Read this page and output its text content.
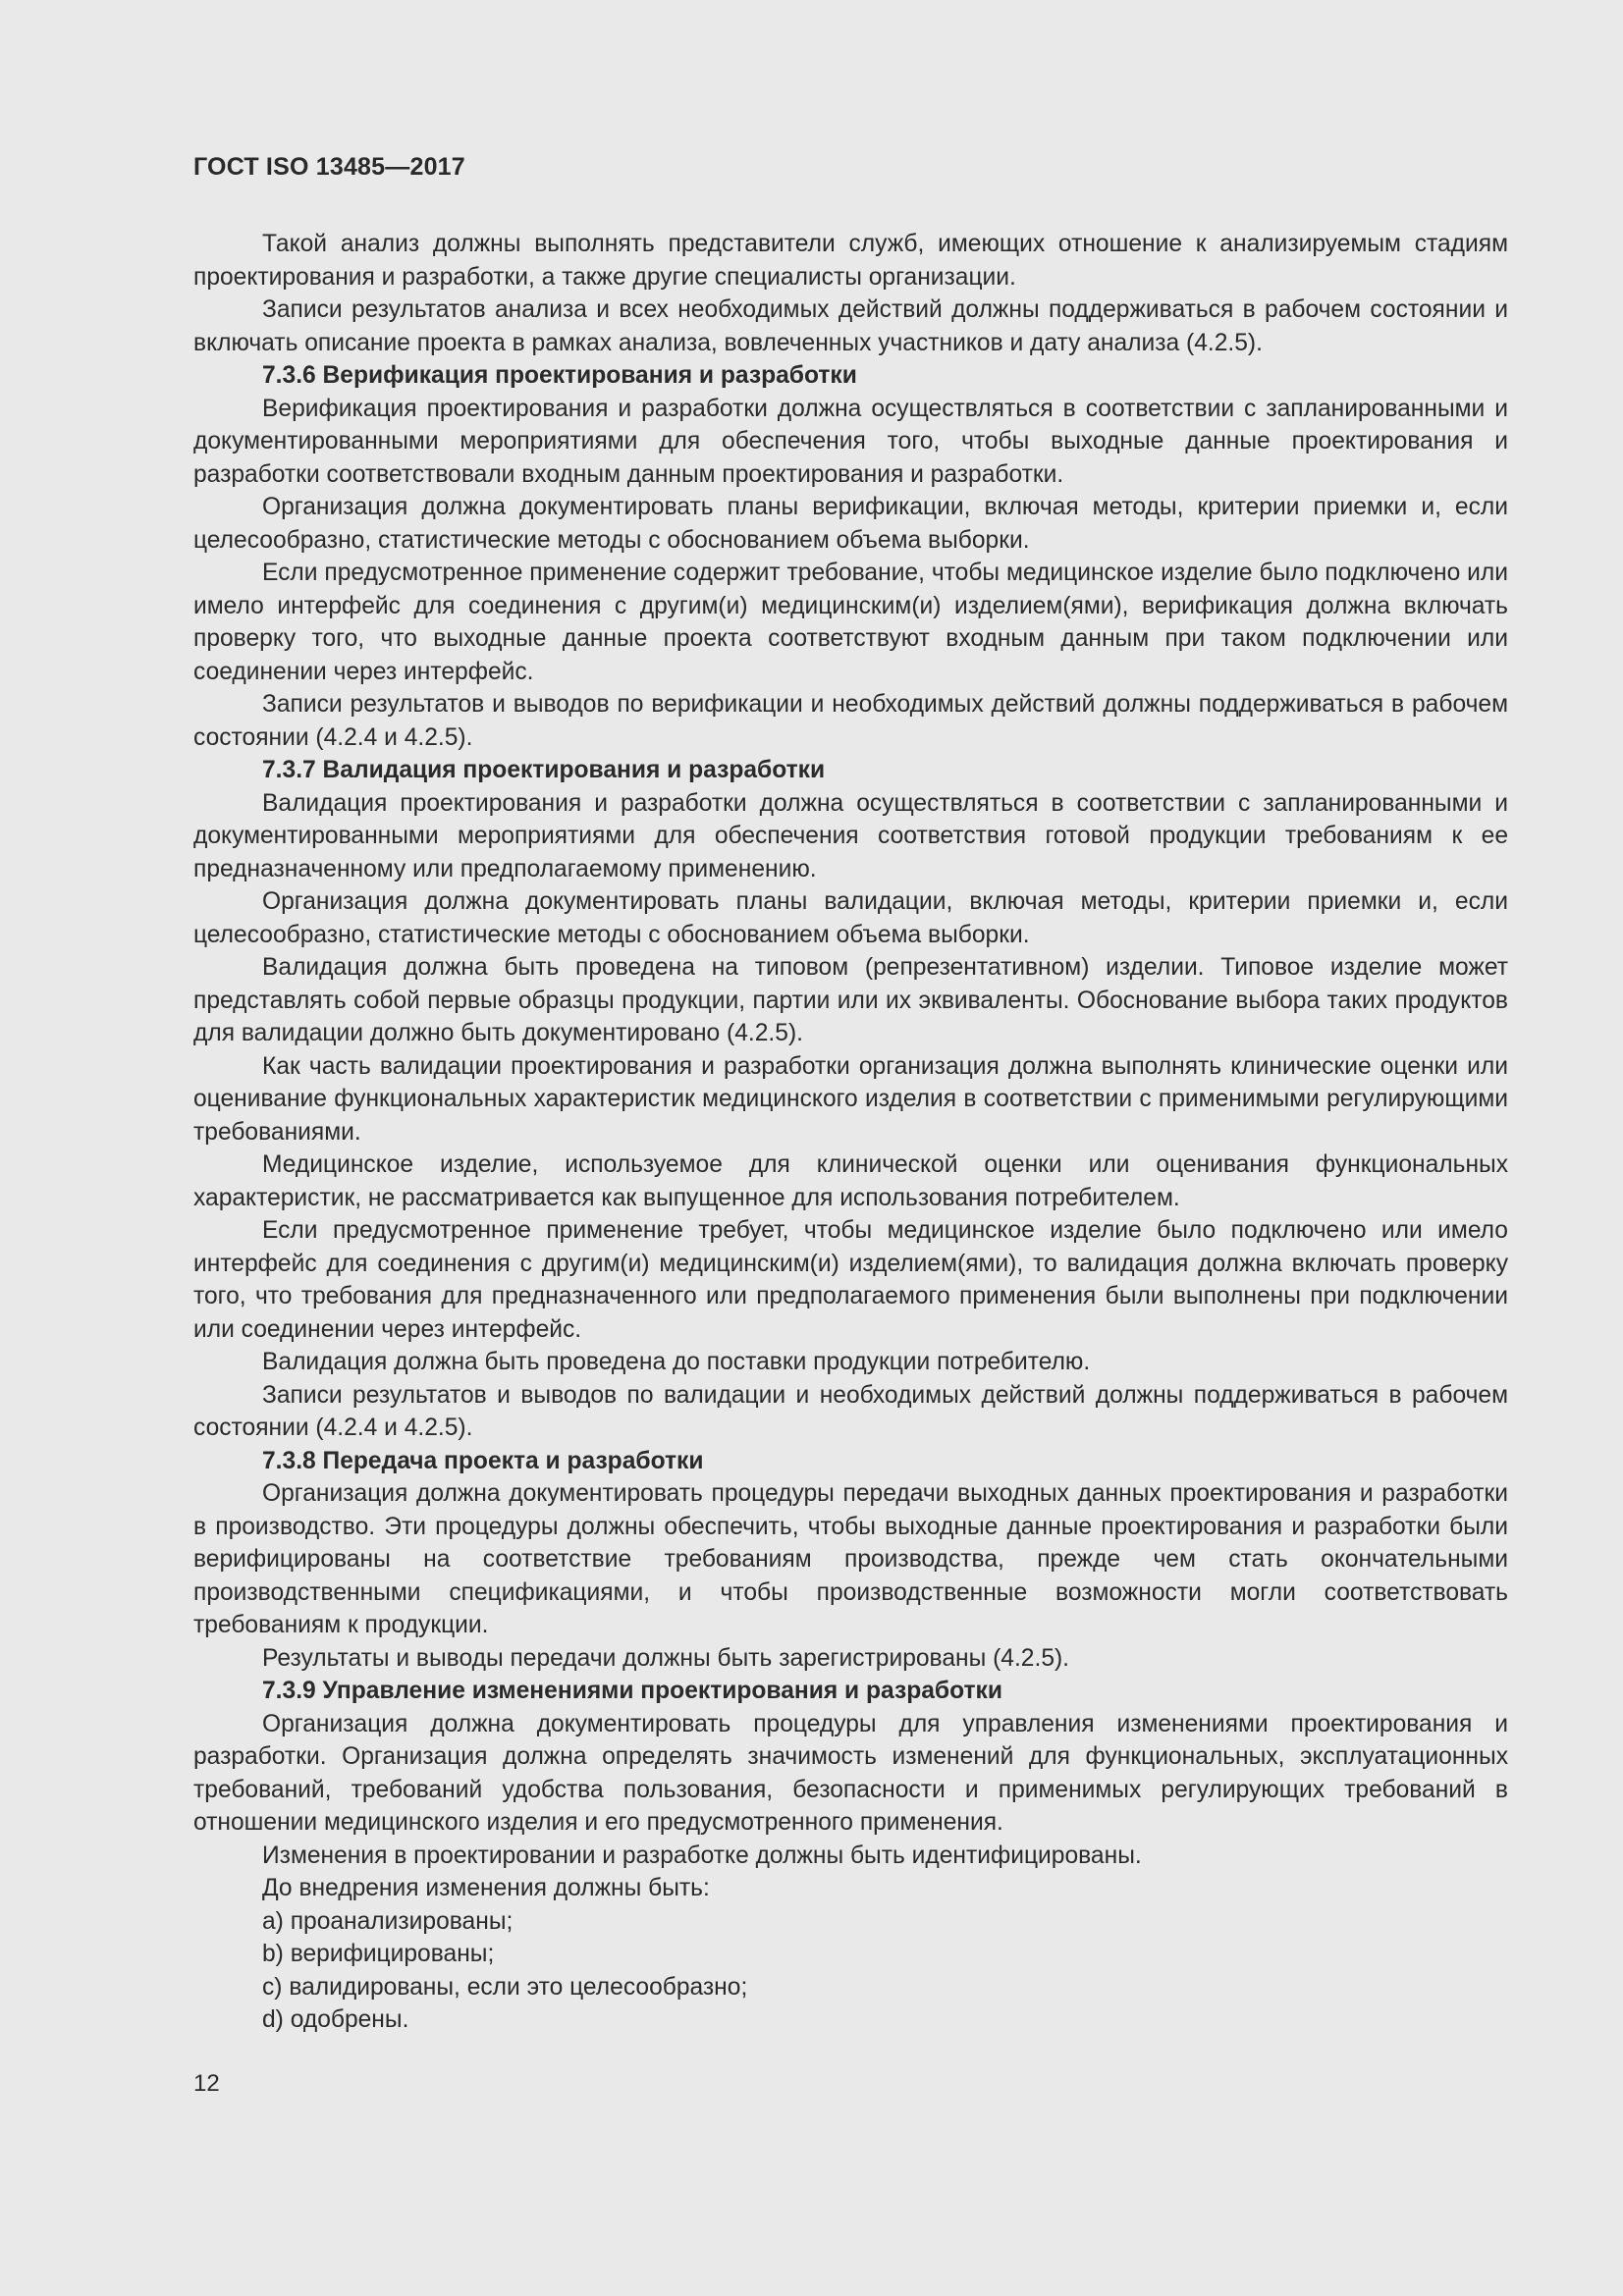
ГОСТ ISO 13485—2017

Такой анализ должны выполнять представители служб, имеющих отношение к анализируемым стадиям проектирования и разработки, а также другие специалисты организации.

Записи результатов анализа и всех необходимых действий должны поддерживаться в рабочем состоянии и включать описание проекта в рамках анализа, вовлеченных участников и дату анализа (4.2.5).

7.3.6 Верификация проектирования и разработки

Верификация проектирования и разработки должна осуществляться в соответствии с запланированными и документированными мероприятиями для обеспечения того, чтобы выходные данные проектирования и разработки соответствовали входным данным проектирования и разработки.

Организация должна документировать планы верификации, включая методы, критерии приемки и, если целесообразно, статистические методы с обоснованием объема выборки.

Если предусмотренное применение содержит требование, чтобы медицинское изделие было подключено или имело интерфейс для соединения с другим(и) медицинским(и) изделием(ями), верификация должна включать проверку того, что выходные данные проекта соответствуют входным данным при таком подключении или соединении через интерфейс.

Записи результатов и выводов по верификации и необходимых действий должны поддерживаться в рабочем состоянии (4.2.4 и 4.2.5).

7.3.7 Валидация проектирования и разработки

Валидация проектирования и разработки должна осуществляться в соответствии с запланированными и документированными мероприятиями для обеспечения соответствия готовой продукции требованиям к ее предназначенному или предполагаемому применению.

Организация должна документировать планы валидации, включая методы, критерии приемки и, если целесообразно, статистические методы с обоснованием объема выборки.

Валидация должна быть проведена на типовом (репрезентативном) изделии. Типовое изделие может представлять собой первые образцы продукции, партии или их эквиваленты. Обоснование выбора таких продуктов для валидации должно быть документировано (4.2.5).

Как часть валидации проектирования и разработки организация должна выполнять клинические оценки или оценивание функциональных характеристик медицинского изделия в соответствии с применимыми регулирующими требованиями.

Медицинское изделие, используемое для клинической оценки или оценивания функциональных характеристик, не рассматривается как выпущенное для использования потребителем.

Если предусмотренное применение требует, чтобы медицинское изделие было подключено или имело интерфейс для соединения с другим(и) медицинским(и) изделием(ями), то валидация должна включать проверку того, что требования для предназначенного или предполагаемого применения были выполнены при подключении или соединении через интерфейс.

Валидация должна быть проведена до поставки продукции потребителю.

Записи результатов и выводов по валидации и необходимых действий должны поддерживаться в рабочем состоянии (4.2.4 и 4.2.5).

7.3.8 Передача проекта и разработки

Организация должна документировать процедуры передачи выходных данных проектирования и разработки в производство. Эти процедуры должны обеспечить, чтобы выходные данные проектирования и разработки были верифицированы на соответствие требованиям производства, прежде чем стать окончательными производственными спецификациями, и чтобы производственные возможности могли соответствовать требованиям к продукции.

Результаты и выводы передачи должны быть зарегистрированы (4.2.5).

7.3.9 Управление изменениями проектирования и разработки

Организация должна документировать процедуры для управления изменениями проектирования и разработки. Организация должна определять значимость изменений для функциональных, эксплуатационных требований, требований удобства пользования, безопасности и применимых регулирующих требований в отношении медицинского изделия и его предусмотренного применения.

Изменения в проектировании и разработке должны быть идентифицированы.

До внедрения изменения должны быть:

a) проанализированы;

b) верифицированы;

c) валидированы, если это целесообразно;

d) одобрены.

12
